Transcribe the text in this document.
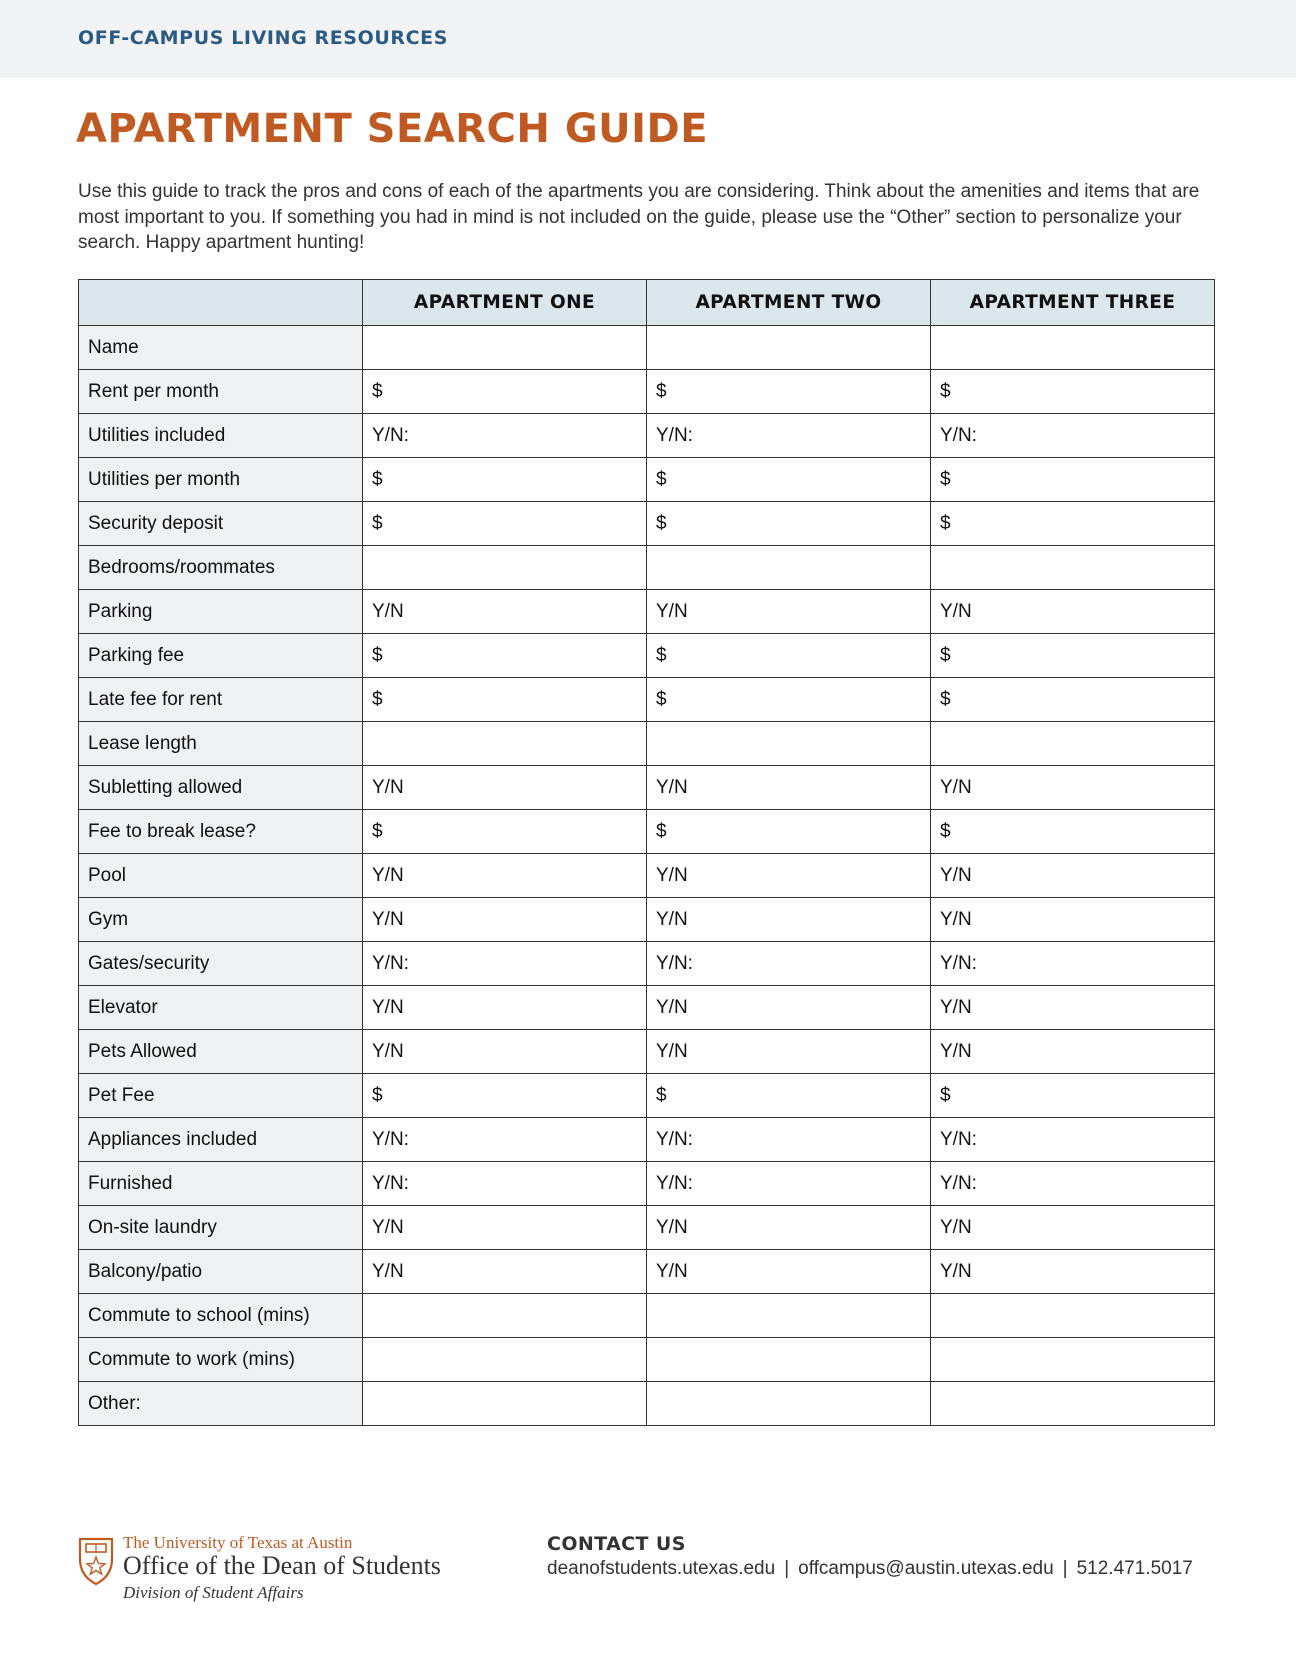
OFF-CAMPUS LIVING RESOURCES
APARTMENT SEARCH GUIDE

Use this guide to track the pros and cons of each of the apartments you are considering. Think about the amenities and items that are most important to you. If something you had in mind is not included on the guide, please use the “Other” section to personalize your search. Happy apartment hunting!

	APARTMENT ONE	APARTMENT TWO	APARTMENT THREE
Name			
Rent per month	$	$	$
Utilities included	Y/N:	Y/N:	Y/N:
Utilities per month	$	$	$
Security deposit	$	$	$
Bedrooms/roommates			
Parking	Y/N	Y/N	Y/N
Parking fee	$	$	$
Late fee for rent	$	$	$
Lease length			
Subletting allowed	Y/N	Y/N	Y/N
Fee to break lease?	$	$	$
Pool	Y/N	Y/N	Y/N
Gym	Y/N	Y/N	Y/N
Gates/security	Y/N:	Y/N:	Y/N:
Elevator	Y/N	Y/N	Y/N
Pets Allowed	Y/N	Y/N	Y/N
Pet Fee	$	$	$
Appliances included	Y/N:	Y/N:	Y/N:
Furnished	Y/N:	Y/N:	Y/N:
On-site laundry	Y/N	Y/N	Y/N
Balcony/patio	Y/N	Y/N	Y/N
Commute to school (mins)			
Commute to work (mins)			
Other:			
The University of Texas at Austin
Office of the Dean of Students
Division of Student Affairs
CONTACT US
deanofstudents.utexas.edu | offcampus@austin.utexas.edu | 512.471.5017
